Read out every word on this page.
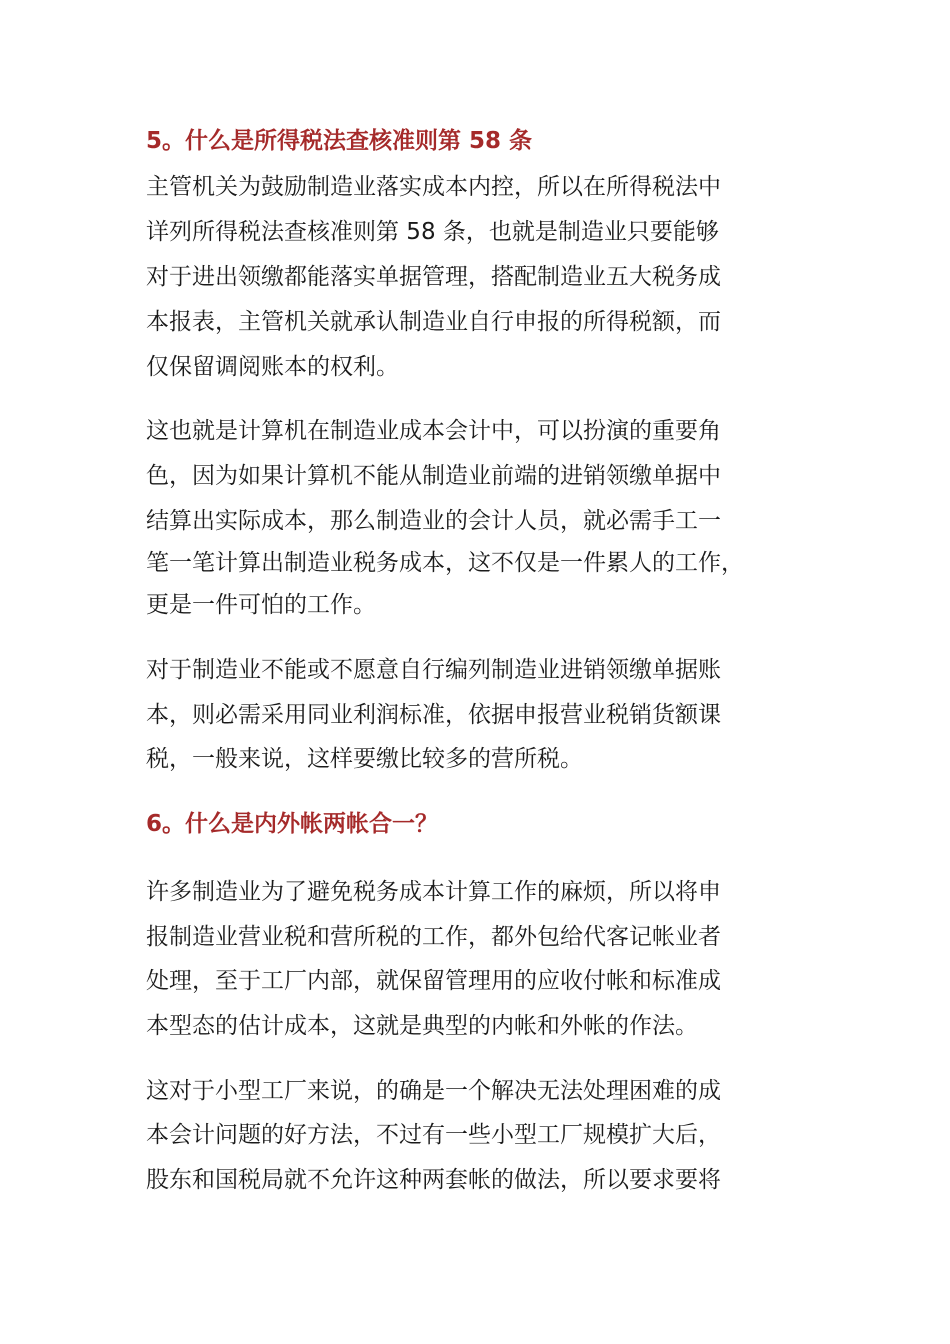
5。什么是所得税法查核准则第 58 条

主管机关为鼓励制造业落实成本内控，所以在所得税法中

详列所得税法查核准则第 58 条，也就是制造业只要能够

对于进出领缴都能落实单据管理，搭配制造业五大税务成

本报表，主管机关就承认制造业自行申报的所得税额，而

仅保留调阅账本的权利。

这也就是计算机在制造业成本会计中，可以扮演的重要角

色，因为如果计算机不能从制造业前端的进销领缴单据中

结算出实际成本，那么制造业的会计人员，就必需手工一

笔一笔计算出制造业税务成本，这不仅是一件累人的工作，

更是一件可怕的工作。

对于制造业不能或不愿意自行编列制造业进销领缴单据账

本，则必需采用同业利润标准，依据申报营业税销货额课

税，一般来说，这样要缴比较多的营所税。

6。什么是内外帐两帐合一？

许多制造业为了避免税务成本计算工作的麻烦，所以将申

报制造业营业税和营所税的工作，都外包给代客记帐业者

处理，至于工厂内部，就保留管理用的应收付帐和标准成

本型态的估计成本，这就是典型的内帐和外帐的作法。

这对于小型工厂来说，的确是一个解决无法处理困难的成

本会计问题的好方法，不过有一些小型工厂规模扩大后，

股东和国税局就不允许这种两套帐的做法，所以要求要将
